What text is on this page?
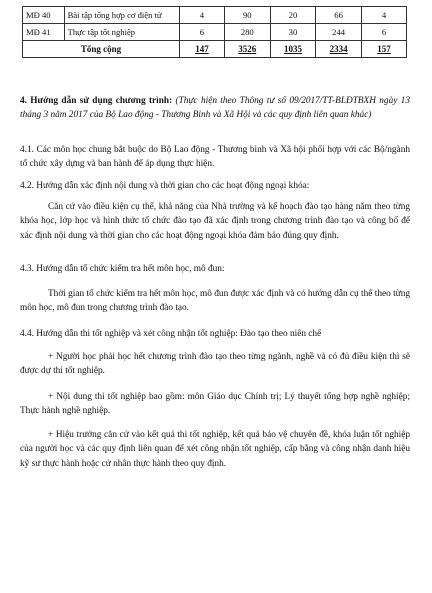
MĐ 40	Bài tập tổng hợp cơ điện tử	4	90	20	66	4
MĐ 41	Thực tập tốt nghiệp	6	280	30	244	6
Tổng cộng		147	3526	1035	2334	157
4. Hướng dẫn sử dụng chương trình: (Thực hiện theo Thông tư số 09/2017/TT-BLĐTBXH ngày 13 tháng 3 năm 2017 của Bộ Lao động - Thương Binh và Xã Hội và các quy định liên quan khác)
4.1. Các môn học chung bắt buộc do Bộ Lao động - Thương binh và Xã hội phối hợp với các Bộ/ngành tổ chức xây dựng và ban hành để áp dụng thực hiện.
4.2. Hướng dẫn xác định nội dung và thời gian cho các hoạt động ngoại khóa:
Căn cứ vào điều kiện cụ thể, khả năng của Nhà trường và kế hoạch đào tạo hàng năm theo từng khóa học, lớp học và hình thức tổ chức đào tạo đã xác định trong chương trình đào tạo và công bố để xác định nội dung và thời gian cho các hoạt động ngoại khóa đảm bảo đúng quy định.
4.3. Hướng dẫn tổ chức kiểm tra hết môn học, mô đun:
Thời gian tổ chức kiểm tra hết môn học, mô đun được xác định và có hướng dẫn cụ thể theo từng môn học, mô đun trong chương trình đào tạo.
4.4. Hướng dẫn thi tốt nghiệp và xét công nhận tốt nghiệp: Đào tạo theo niên chế
+ Người học phải học hết chương trình đào tạo theo từng ngành, nghề và có đủ điều kiện thì sẽ được dự thi tốt nghiệp.
+ Nội dung thi tốt nghiệp bao gồm: môn Giáo dục Chính trị; Lý thuyết tổng hợp nghề nghiệp; Thực hành nghề nghiệp.
+ Hiệu trưởng căn cứ vào kết quả thi tốt nghiệp, kết quả bảo vệ chuyên đề, khóa luận tốt nghiệp của người học và các quy định liên quan để xét công nhận tốt nghiệp, cấp bằng và công nhận danh hiệu kỹ sư thực hành hoặc cử nhân thực hành theo quy định.
